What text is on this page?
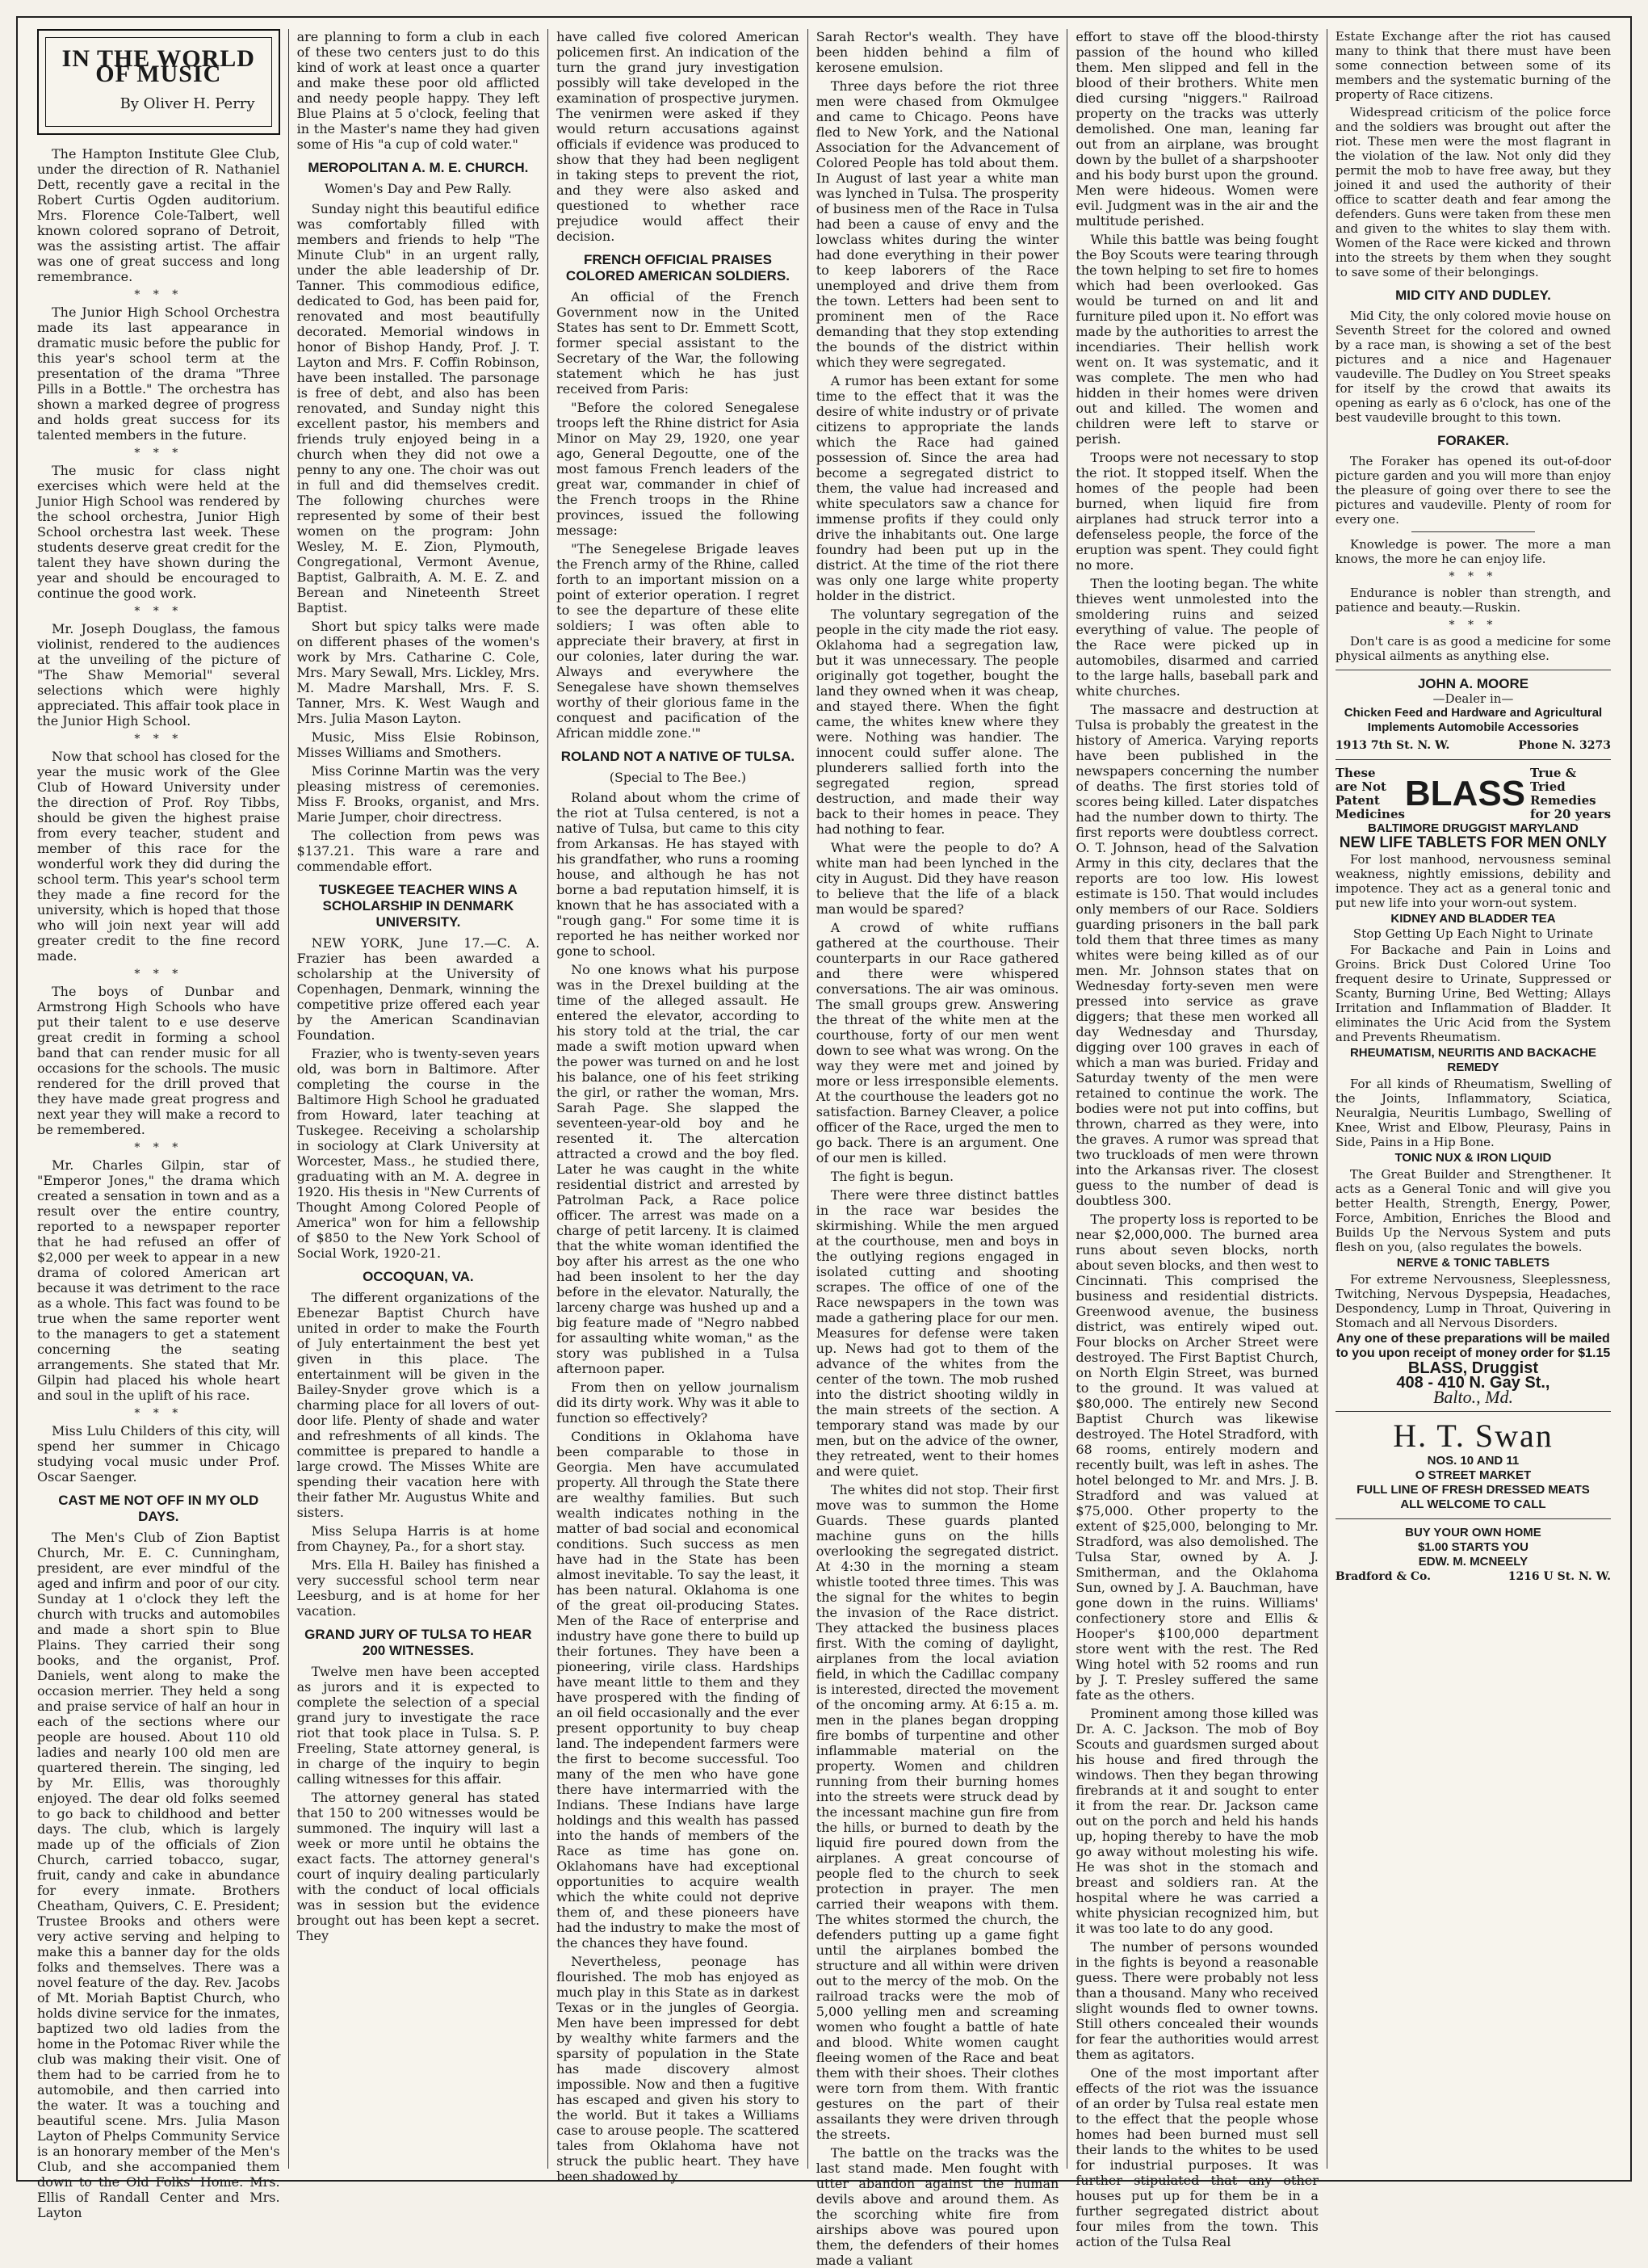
IN THE WORLD OF MUSIC
By Oliver H. Perry

The Hampton Institute Glee Club, under the direction of R. Nathaniel Dett, recently gave a recital in the Robert Curtis Ogden auditorium. Mrs. Florence Cole-Talbert, well known colored soprano of Detroit, was the assisting artist. The affair was one of great success and long remembrance.

* * *

The Junior High School Orchestra made its last appearance in dramatic music before the public for this year's school term at the presentation of the drama "Three Pills in a Bottle." The orchestra has shown a marked degree of progress and holds great success for its talented members in the future.

* * *

The music for class night exercises which were held at the Junior High School was rendered by the school orchestra, Junior High School orchestra last week. These students deserve great credit for the talent they have shown during the year and should be encouraged to continue the good work.

* * *

Mr. Joseph Douglass, the famous violinist, rendered to the audiences at the unveiling of the picture of "The Shaw Memorial" several selections which were highly appreciated. This affair took place in the Junior High School.

* * *

Now that school has closed for the year the music work of the Glee Club of Howard University under the direction of Prof. Roy Tibbs, should be given the highest praise from every teacher, student and member of this race for the wonderful work they did during the school term. This year's school term they made a fine record for the university, which is hoped that those who will join next year will add greater credit to the fine record made.

* * *

The boys of Dunbar and Armstrong High Schools who have put their talent to e use deserve great credit in forming a school band that can render music for all occasions for the schools. The music rendered for the drill proved that they have made great progress and next year they will make a record to be remembered.

* * *

Mr. Charles Gilpin, star of "Emperor Jones," the drama which created a sensation in town and as a result over the entire country, reported to a newspaper reporter that he had refused an offer of $2,000 per week to appear in a new drama of colored American art because it was detriment to the race as a whole. This fact was found to be true when the same reporter went to the managers to get a statement concerning the seating arrangements. She stated that Mr. Gilpin had placed his whole heart and soul in the uplift of his race.

* * *

Miss Lulu Childers of this city, will spend her summer in Chicago studying vocal music under Prof. Oscar Saenger.

CAST ME NOT OFF IN MY OLD DAYS.

The Men's Club of Zion Baptist Church, Mr. E. C. Cunningham, president, are ever mindful of the aged and infirm and poor of our city. Sunday at 1 o'clock they left the church with trucks and automobiles and made a short spin to Blue Plains. They carried their song books, and the organist, Prof. Daniels, went along to make the occasion merrier. They held a song and praise service of half an hour in each of the sections where our people are housed. About 110 old ladies and nearly 100 old men are quartered therein. The singing, led by Mr. Ellis, was thoroughly enjoyed. The dear old folks seemed to go back to childhood and better days. The club, which is largely made up of the officials of Zion Church, carried tobacco, sugar, fruit, candy and cake in abundance for every inmate. Brothers Cheatham, Quivers, C. E. President; Trustee Brooks and others were very active serving and helping to make this a banner day for the olds folks and themselves. There was a novel feature of the day. Rev. Jacobs of Mt. Moriah Baptist Church, who holds divine service for the inmates, baptized two old ladies from the home in the Potomac River while the club was making their visit. One of them had to be carried from he to automobile, and then carried into the water. It was a touching and beautiful scene. Mrs. Julia Mason Layton of Phelps Community Service is an honorary member of the Men's Club, and she accompanied them down to the Old Folks' Home. Mrs. Ellis of Randall Center and Mrs. Layton

are planning to form a club in each of these two centers just to do this kind of work at least once a quarter and make these poor old afflicted and needy people happy. They left Blue Plains at 5 o'clock, feeling that in the Master's name they had given some of His "a cup of cold water."

MEROPOLITAN A. M. E. CHURCH.
Women's Day and Pew Rally.

Sunday night this beautiful edifice was comfortably filled with members and friends to help "The Minute Club" in an urgent rally, under the able leadership of Dr. Tanner. This commodious edifice, dedicated to God, has been paid for, renovated and most beautifully decorated. Memorial windows in honor of Bishop Handy, Prof. J. T. Layton and Mrs. F. Coffin Robinson, have been installed. The parsonage is free of debt, and also has been renovated, and Sunday night this excellent pastor, his members and friends truly enjoyed being in a church when they did not owe a penny to any one. The choir was out in full and did themselves credit. The following churches were represented by some of their best women on the program: John Wesley, M. E. Zion, Plymouth, Congregational, Vermont Avenue, Baptist, Galbraith, A. M. E. Z. and Berean and Nineteenth Street Baptist.

Short but spicy talks were made on different phases of the women's work by Mrs. Catharine C. Cole, Mrs. Mary Sewall, Mrs. Lickley, Mrs. M. Madre Marshall, Mrs. F. S. Tanner, Mrs. K. West Waugh and Mrs. Julia Mason Layton.

Music, Miss Elsie Robinson, Misses Williams and Smothers.

Miss Corinne Martin was the very pleasing mistress of ceremonies. Miss F. Brooks, organist, and Mrs. Marie Jumper, choir directress.

The collection from pews was $137.21. This ware a rare and commendable effort.

TUSKEGEE TEACHER WINS A SCHOLARSHIP IN DENMARK UNIVERSITY.

NEW YORK, June 17.—C. A. Frazier has been awarded a scholarship at the University of Copenhagen, Denmark, winning the competitive prize offered each year by the American Scandinavian Foundation.

Frazier, who is twenty-seven years old, was born in Baltimore. After completing the course in the Baltimore High School he graduated from Howard, later teaching at Tuskegee. Receiving a scholarship in sociology at Clark University at Worcester, Mass., he studied there, graduating with an M. A. degree in 1920. His thesis in "New Currents of Thought Among Colored People of America" won for him a fellowship of $850 to the New York School of Social Work, 1920-21.

OCCOQUAN, VA.

The different organizations of the Ebenezar Baptist Church have united in order to make the Fourth of July entertainment the best yet given in this place. The entertainment will be given in the Bailey-Snyder grove which is a charming place for all lovers of out-door life. Plenty of shade and water and refreshments of all kinds. The committee is prepared to handle a large crowd. The Misses White are spending their vacation here with their father Mr. Augustus White and sisters.

Miss Selupa Harris is at home from Chayney, Pa., for a short stay.

Mrs. Ella H. Bailey has finished a very successful school term near Leesburg, and is at home for her vacation.

GRAND JURY OF TULSA TO HEAR 200 WITNESSES.

Twelve men have been accepted as jurors and it is expected to complete the selection of a special grand jury to investigate the race riot that took place in Tulsa. S. P. Freeling, State attorney general, is in charge of the inquiry to begin calling witnesses for this affair.

The attorney general has stated that 150 to 200 witnesses would be summoned. The inquiry will last a week or more until he obtains the exact facts. The attorney general's court of inquiry dealing particularly with the conduct of local officials was in session but the evidence brought out has been kept a secret. They

have called five colored American policemen first. An indication of the turn the grand jury investigation possibly will take developed in the examination of prospective jurymen. The venirmen were asked if they would return accusations against officials if evidence was produced to show that they had been negligent in taking steps to prevent the riot, and they were also asked and questioned to whether race prejudice would affect their decision.

FRENCH OFFICIAL PRAISES COLORED AMERICAN SOLDIERS.

An official of the French Government now in the United States has sent to Dr. Emmett Scott, former special assistant to the Secretary of the War, the following statement which he has just received from Paris:

"Before the colored Senegalese troops left the Rhine district for Asia Minor on May 29, 1920, one year ago, General Degoutte, one of the most famous French leaders of the great war, commander in chief of the French troops in the Rhine provinces, issued the following message:

"The Senegelese Brigade leaves the French army of the Rhine, called forth to an important mission on a point of exterior operation. I regret to see the departure of these elite soldiers; I was often able to appreciate their bravery, at first in our colonies, later during the war. Always and everywhere the Senegalese have shown themselves worthy of their glorious fame in the conquest and pacification of the African middle zone.'"

ROLAND NOT A NATIVE OF TULSA.
(Special to The Bee.)

Roland about whom the crime of the riot at Tulsa centered, is not a native of Tulsa, but came to this city from Arkansas. He has stayed with his grandfather, who runs a rooming house, and although he has not borne a bad reputation himself, it is known that he has associated with a "rough gang." For some time it is reported he has neither worked nor gone to school.

No one knows what his purpose was in the Drexel building at the time of the alleged assault. He entered the elevator, according to his story told at the trial, the car made a swift motion upward when the power was turned on and he lost his balance, one of his feet striking the girl, or rather the woman, Mrs. Sarah Page. She slapped the seventeen-year-old boy and he resented it. The altercation attracted a crowd and the boy fled. Later he was caught in the white residential district and arrested by Patrolman Pack, a Race police officer. The arrest was made on a charge of petit larceny. It is claimed that the white woman identified the boy after his arrest as the one who had been insolent to her the day before in the elevator. Naturally, the larceny charge was hushed up and a big feature made of "Negro nabbed for assaulting white woman," as the story was published in a Tulsa afternoon paper.

From then on yellow journalism did its dirty work. Why was it able to function so effectively?

Conditions in Oklahoma have been comparable to those in Georgia. Men have accumulated property. All through the State there are wealthy families. But such wealth indicates nothing in the matter of bad social and economical conditions. Such success as men have had in the State has been almost inevitable. To say the least, it has been natural. Oklahoma is one of the great oil-producing States. Men of the Race of enterprise and industry have gone there to build up their fortunes. They have been a pioneering, virile class. Hardships have meant little to them and they have prospered with the finding of an oil field occasionally and the ever present opportunity to buy cheap land. The independent farmers were the first to become successful. Too many of the men who have gone there have intermarried with the Indians. These Indians have large holdings and this wealth has passed into the hands of members of the Race as time has gone on. Oklahomans have had exceptional opportunities to acquire wealth which the white could not deprive them of, and these pioneers have had the industry to make the most of the chances they have found.

Nevertheless, peonage has flourished. The mob has enjoyed as much play in this State as in darkest Texas or in the jungles of Georgia. Men have been impressed for debt by wealthy white farmers and the sparsity of population in the State has made discovery almost impossible. Now and then a fugitive has escaped and given his story to the world. But it takes a Williams case to arouse people. The scattered tales from Oklahoma have not struck the public heart. They have been shadowed by

Sarah Rector's wealth. They have been hidden behind a film of kerosene emulsion.

Three days before the riot three men were chased from Okmulgee and came to Chicago. Peons have fled to New York, and the National Association for the Advancement of Colored People has told about them. In August of last year a white man was lynched in Tulsa. The prosperity of business men of the Race in Tulsa had been a cause of envy and the lowclass whites during the winter had done everything in their power to keep laborers of the Race unemployed and drive them from the town. Letters had been sent to prominent men of the Race demanding that they stop extending the bounds of the district within which they were segregated.

A rumor has been extant for some time to the effect that it was the desire of white industry or of private citizens to appropriate the lands which the Race had gained possession of. Since the area had become a segregated district to them, the value had increased and white speculators saw a chance for immense profits if they could only drive the inhabitants out. One large foundry had been put up in the district. At the time of the riot there was only one large white property holder in the district.

The voluntary segregation of the people in the city made the riot easy. Oklahoma had a segregation law, but it was unnecessary. The people originally got together, bought the land they owned when it was cheap, and stayed there. When the fight came, the whites knew where they were. Nothing was handier. The innocent could suffer alone. The plunderers sallied forth into the segregated region, spread destruction, and made their way back to their homes in peace. They had nothing to fear.

What were the people to do? A white man had been lynched in the city in August. Did they have reason to believe that the life of a black man would be spared?

A crowd of white ruffians gathered at the courthouse. Their counterparts in our Race gathered and there were whispered conversations. The air was ominous. The small groups grew. Answering the threat of the white men at the courthouse, forty of our men went down to see what was wrong. On the way they were met and joined by more or less irresponsible elements. At the courthouse the leaders got no satisfaction. Barney Cleaver, a police officer of the Race, urged the men to go back. There is an argument. One of our men is killed.

The fight is begun.

There were three distinct battles in the race war besides the skirmishing. While the men argued at the courthouse, men and boys in the outlying regions engaged in isolated cutting and shooting scrapes. The office of one of the Race newspapers in the town was made a gathering place for our men. Measures for defense were taken up. News had got to them of the advance of the whites from the center of the town. The mob rushed into the district shooting wildly in the main streets of the section. A temporary stand was made by our men, but on the advice of the owner, they retreated, went to their homes and were quiet.

The whites did not stop. Their first move was to summon the Home Guards. These guards planted machine guns on the hills overlooking the segregated district. At 4:30 in the morning a steam whistle tooted three times. This was the signal for the whites to begin the invasion of the Race district. They attacked the business places first. With the coming of daylight, airplanes from the local aviation field, in which the Cadillac company is interested, directed the movement of the oncoming army. At 6:15 a. m. men in the planes began dropping fire bombs of turpentine and other inflammable material on the property. Women and children running from their burning homes into the streets were struck dead by the incessant machine gun fire from the hills, or burned to death by the liquid fire poured down from the airplanes. A great concourse of people fled to the church to seek protection in prayer. The men carried their weapons with them. The whites stormed the church, the defenders putting up a game fight until the airplanes bombed the structure and all within were driven out to the mercy of the mob. On the railroad tracks were the mob of 5,000 yelling men and screaming women who fought a battle of hate and blood. White women caught fleeing women of the Race and beat them with their shoes. Their clothes were torn from them. With frantic gestures on the part of their assailants they were driven through the streets.

The battle on the tracks was the last stand made. Men fought with utter abandon against the human devils above and around them. As the scorching white fire from airships above was poured upon them, the defenders of their homes made a valiant

effort to stave off the blood-thirsty passion of the hound who killed them. Men slipped and fell in the blood of their brothers. White men died cursing "niggers." Railroad property on the tracks was utterly demolished. One man, leaning far out from an airplane, was brought down by the bullet of a sharpshooter and his body burst upon the ground. Men were hideous. Women were evil. Judgment was in the air and the multitude perished.

While this battle was being fought the Boy Scouts were tearing through the town helping to set fire to homes which had been overlooked. Gas would be turned on and lit and furniture piled upon it. No effort was made by the authorities to arrest the incendiaries. Their hellish work went on. It was systematic, and it was complete. The men who had hidden in their homes were driven out and killed. The women and children were left to starve or perish.

Troops were not necessary to stop the riot. It stopped itself. When the homes of the people had been burned, when liquid fire from airplanes had struck terror into a defenseless people, the force of the eruption was spent. They could fight no more.

Then the looting began. The white thieves went unmolested into the smoldering ruins and seized everything of value. The people of the Race were picked up in automobiles, disarmed and carried to the large halls, baseball park and white churches.

The massacre and destruction at Tulsa is probably the greatest in the history of America. Varying reports have been published in the newspapers concerning the number of deaths. The first stories told of scores being killed. Later dispatches had the number down to thirty. The first reports were doubtless correct. O. T. Johnson, head of the Salvation Army in this city, declares that the reports are too low. His lowest estimate is 150. That would includes only members of our Race. Soldiers guarding prisoners in the ball park told them that three times as many whites were being killed as of our men. Mr. Johnson states that on Wednesday forty-seven men were pressed into service as grave diggers; that these men worked all day Wednesday and Thursday, digging over 100 graves in each of which a man was buried. Friday and Saturday twenty of the men were retained to continue the work. The bodies were not put into coffins, but thrown, charred as they were, into the graves. A rumor was spread that two truckloads of men were thrown into the Arkansas river. The closest guess to the number of dead is doubtless 300.

The property loss is reported to be near $2,000,000. The burned area runs about seven blocks, north about seven blocks, and then west to Cincinnati. This comprised the business and residential districts. Greenwood avenue, the business district, was entirely wiped out. Four blocks on Archer Street were destroyed. The First Baptist Church, on North Elgin Street, was burned to the ground. It was valued at $80,000. The entirely new Second Baptist Church was likewise destroyed. The Hotel Stradford, with 68 rooms, entirely modern and recently built, was left in ashes. The hotel belonged to Mr. and Mrs. J. B. Stradford and was valued at $75,000. Other property to the extent of $25,000, belonging to Mr. Stradford, was also demolished. The Tulsa Star, owned by A. J. Smitherman, and the Oklahoma Sun, owned by J. A. Bauchman, have gone down in the ruins. Williams' confectionery store and Ellis & Hooper's $100,000 department store went with the rest. The Red Wing hotel with 52 rooms and run by J. T. Presley suffered the same fate as the others.

Prominent among those killed was Dr. A. C. Jackson. The mob of Boy Scouts and guardsmen surged about his house and fired through the windows. Then they began throwing firebrands at it and sought to enter it from the rear. Dr. Jackson came out on the porch and held his hands up, hoping thereby to have the mob go away without molesting his wife. He was shot in the stomach and breast and soldiers ran. At the hospital where he was carried a white physician recognized him, but it was too late to do any good.

The number of persons wounded in the fights is beyond a reasonable guess. There were probably not less than a thousand. Many who received slight wounds fled to owner towns. Still others concealed their wounds for fear the authorities would arrest them as agitators.

One of the most important after effects of the riot was the issuance of an order by Tulsa real estate men to the effect that the people whose homes had been burned must sell their lands to the whites to be used for industrial purposes. It was further stipulated that any other houses put up for them be in a further segregated district about four miles from the town. This action of the Tulsa Real

Estate Exchange after the riot has caused many to think that there must have been some connection between some of its members and the systematic burning of the property of Race citizens.

Widespread criticism of the police force and the soldiers was brought out after the riot. These men were the most flagrant in the violation of the law. Not only did they permit the mob to have free away, but they joined it and used the authority of their office to scatter death and fear among the defenders. Guns were taken from these men and given to the whites to slay them with. Women of the Race were kicked and thrown into the streets by them when they sought to save some of their belongings.

MID CITY AND DUDLEY.

Mid City, the only colored movie house on Seventh Street for the colored and owned by a race man, is showing a set of the best pictures and a nice and Hagenauer vaudeville. The Dudley on You Street speaks for itself by the crowd that awaits its opening as early as 6 o'clock, has one of the best vaudeville brought to this town.

FORAKER.

The Foraker has opened its out-of-door picture garden and you will more than enjoy the pleasure of going over there to see the pictures and vaudeville. Plenty of room for every one.

Knowledge is power. The more a man knows, the more he can enjoy life.

* * *

Endurance is nobler than strength, and patience and beauty.—Ruskin.

* * *

Don't care is as good a medicine for some physical ailments as anything else.

JOHN A. MOORE
—Dealer in—
Chicken Feed and Hardware and Agricultural Implements Automobile Accessories
1913 7th St. N. W.	Phone N. 3273
These are Not Patent Medicines
BLASS
True & Tried Remedies for 20 years
BALTIMORE DRUGGIST MARYLAND
NEW LIFE TABLETS FOR MEN ONLY

For lost manhood, nervousness seminal weakness, nightly emissions, debility and impotence. They act as a general tonic and put new life into your worn-out system.

KIDNEY AND BLADDER TEA
Stop Getting Up Each Night to Urinate

For Backache and Pain in Loins and Groins. Brick Dust Colored Urine Too frequent desire to Urinate, Suppressed or Scanty, Burning Urine, Bed Wetting; Allays Irritation and Inflammation of Bladder. It eliminates the Uric Acid from the System and Prevents Rheumatism.

RHEUMATISM, NEURITIS AND BACKACHE REMEDY

For all kinds of Rheumatism, Swelling of the Joints, Inflammatory, Sciatica, Neuralgia, Neuritis Lumbago, Swelling of Knee, Wrist and Elbow, Pleurasy, Pains in Side, Pains in a Hip Bone.

TONIC NUX & IRON LIQUID

The Great Builder and Strengthener. It acts as a General Tonic and will give you better Health, Strength, Energy, Power, Force, Ambition, Enriches the Blood and Builds Up the Nervous System and puts flesh on you, (also regulates the bowels.

NERVE & TONIC TABLETS

For extreme Nervousness, Sleeplessness, Twitching, Nervous Dyspepsia, Headaches, Despondency, Lump in Throat, Quivering in Stomach and all Nervous Disorders.

Any one of these preparations will be mailed to you upon receipt of money order for $1.15
BLASS, Druggist
408 - 410 N. Gay St.,
Balto., Md.
H. T. Swan
NOS. 10 AND 11
O STREET MARKET
FULL LINE OF FRESH DRESSED MEATS
ALL WELCOME TO CALL
BUY YOUR OWN HOME
$1.00 STARTS YOU
EDW. M. MCNEELY
Bradford & Co.	1216 U St. N. W.
